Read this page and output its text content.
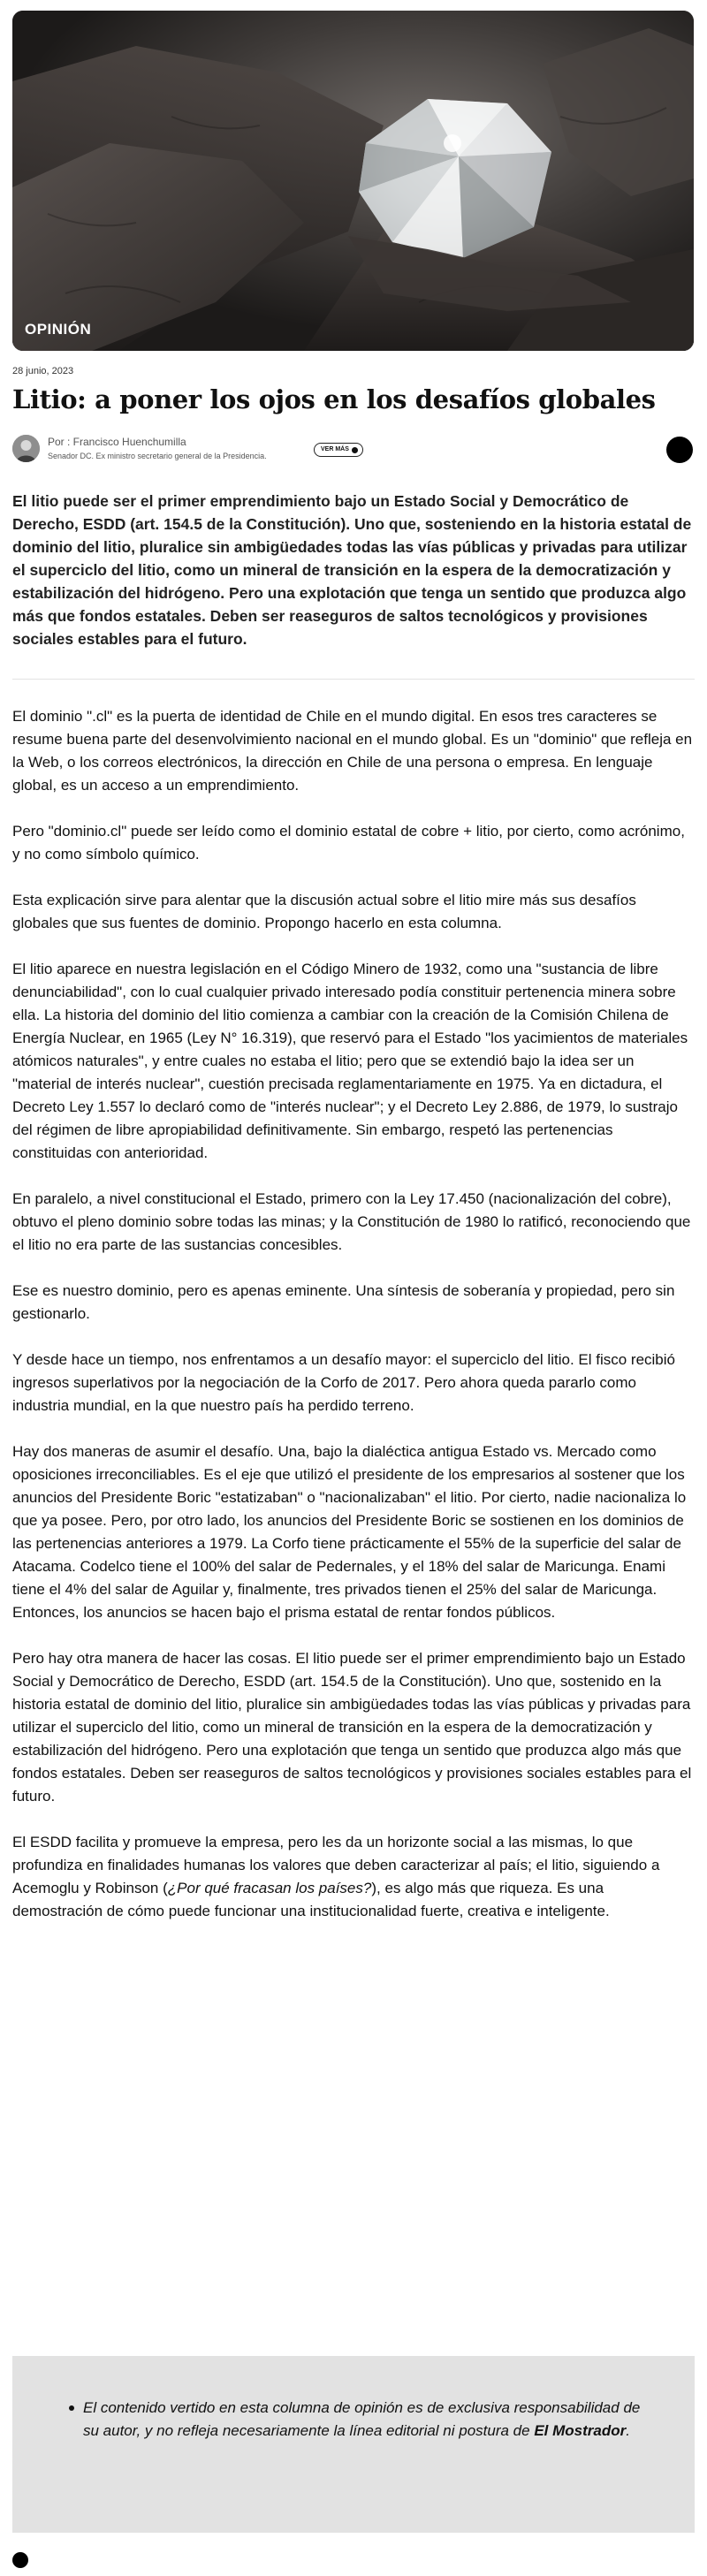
OPINIÓN
28 junio, 2023
Litio: a poner los ojos en los desafíos globales
Por : Francisco Huenchumilla
Senador DC. Ex ministro secretario general de la Presidencia.
VER MÁS

El litio puede ser el primer emprendimiento bajo un Estado Social y Democrático de Derecho, ESDD (art. 154.5 de la Constitución). Uno que, sosteniendo en la historia estatal de dominio del litio, pluralice sin ambigüedades todas las vías públicas y privadas para utilizar el superciclo del litio, como un mineral de transición en la espera de la democratización y estabilización del hidrógeno. Pero una explotación que tenga un sentido que produzca algo más que fondos estatales. Deben ser reaseguros de saltos tecnológicos y provisiones sociales estables para el futuro.

El dominio ".cl" es la puerta de identidad de Chile en el mundo digital. En esos tres caracteres se resume buena parte del desenvolvimiento nacional en el mundo global. Es un "dominio" que refleja en la Web, o los correos electrónicos, la dirección en Chile de una persona o empresa. En lenguaje global, es un acceso a un emprendimiento.

Pero "dominio.cl" puede ser leído como el dominio estatal de cobre + litio, por cierto, como acrónimo, y no como símbolo químico.

Esta explicación sirve para alentar que la discusión actual sobre el litio mire más sus desafíos globales que sus fuentes de dominio. Propongo hacerlo en esta columna.

El litio aparece en nuestra legislación en el Código Minero de 1932, como una "sustancia de libre denunciabilidad", con lo cual cualquier privado interesado podía constituir pertenencia minera sobre ella. La historia del dominio del litio comienza a cambiar con la creación de la Comisión Chilena de Energía Nuclear, en 1965 (Ley N° 16.319), que reservó para el Estado "los yacimientos de materiales atómicos naturales", y entre cuales no estaba el litio; pero que se extendió bajo la idea ser un "material de interés nuclear", cuestión precisada reglamentariamente en 1975. Ya en dictadura, el Decreto Ley 1.557 lo declaró como de "interés nuclear"; y el Decreto Ley 2.886, de 1979, lo sustrajo del régimen de libre apropiabilidad definitivamente. Sin embargo, respetó las pertenencias constituidas con anterioridad.

En paralelo, a nivel constitucional el Estado, primero con la Ley 17.450 (nacionalización del cobre), obtuvo el pleno dominio sobre todas las minas; y la Constitución de 1980 lo ratificó, reconociendo que el litio no era parte de las sustancias concesibles.

Ese es nuestro dominio, pero es apenas eminente. Una síntesis de soberanía y propiedad, pero sin gestionarlo.

Y desde hace un tiempo, nos enfrentamos a un desafío mayor: el superciclo del litio. El fisco recibió ingresos superlativos por la negociación de la Corfo de 2017. Pero ahora queda pararlo como industria mundial, en la que nuestro país ha perdido terreno.

Hay dos maneras de asumir el desafío. Una, bajo la dialéctica antigua Estado vs. Mercado como oposiciones irreconciliables. Es el eje que utilizó el presidente de los empresarios al sostener que los anuncios del Presidente Boric "estatizaban" o "nacionalizaban" el litio. Por cierto, nadie nacionaliza lo que ya posee. Pero, por otro lado, los anuncios del Presidente Boric se sostienen en los dominios de las pertenencias anteriores a 1979. La Corfo tiene prácticamente el 55% de la superficie del salar de Atacama. Codelco tiene el 100% del salar de Pedernales, y el 18% del salar de Maricunga. Enami tiene el 4% del salar de Aguilar y, finalmente, tres privados tienen el 25% del salar de Maricunga. Entonces, los anuncios se hacen bajo el prisma estatal de rentar fondos públicos.

Pero hay otra manera de hacer las cosas. El litio puede ser el primer emprendimiento bajo un Estado Social y Democrático de Derecho, ESDD (art. 154.5 de la Constitución). Uno que, sostenido en la historia estatal de dominio del litio, pluralice sin ambigüedades todas las vías públicas y privadas para utilizar el superciclo del litio, como un mineral de transición en la espera de la democratización y estabilización del hidrógeno. Pero una explotación que tenga un sentido que produzca algo más que fondos estatales. Deben ser reaseguros de saltos tecnológicos y provisiones sociales estables para el futuro.

El ESDD facilita y promueve la empresa, pero les da un horizonte social a las mismas, lo que profundiza en finalidades humanas los valores que deben caracterizar al país; el litio, siguiendo a Acemoglu y Robinson (¿Por qué fracasan los países?), es algo más que riqueza. Es una demostración de cómo puede funcionar una institucionalidad fuerte, creativa e inteligente.

El contenido vertido en esta columna de opinión es de exclusiva responsabilidad de su autor, y no refleja necesariamente la línea editorial ni postura de El Mostrador.
